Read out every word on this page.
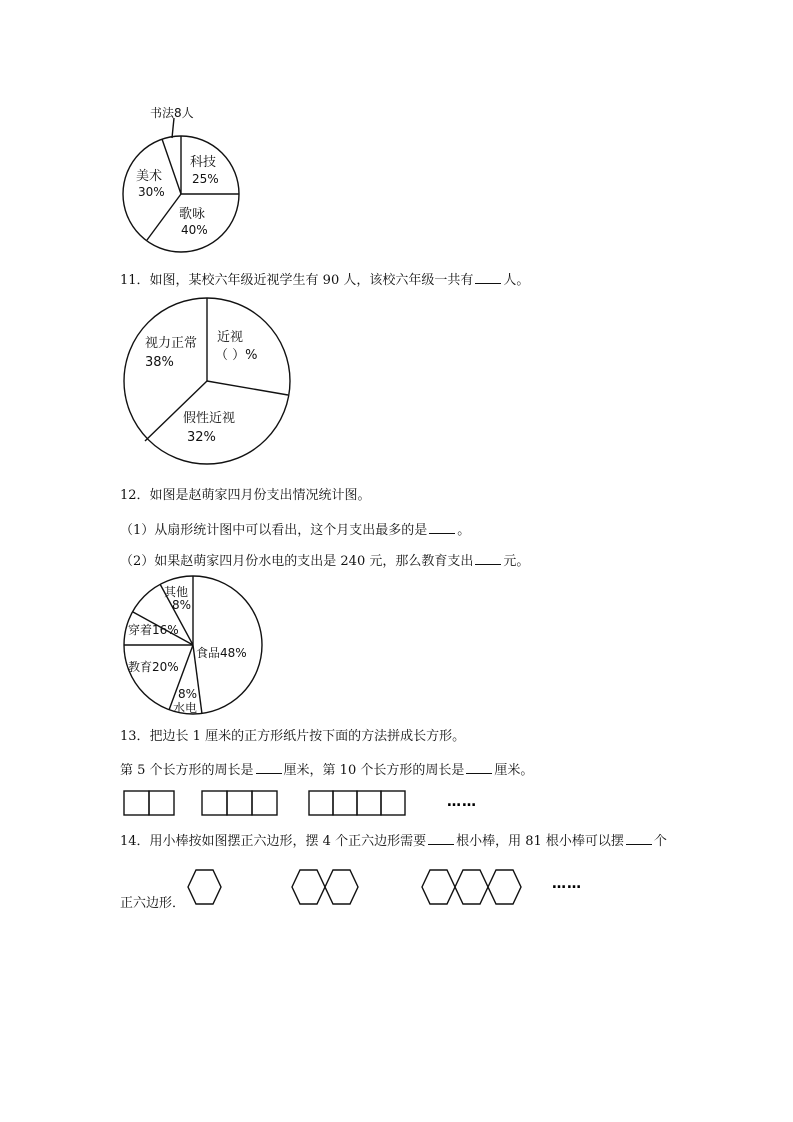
书法8人
科技
25%
歌咏
40%
美术
30%
11．如图，某校六年级近视学生有 90 人，该校六年级一共有 人。
视力正常
38%
近视
（ ）%
假性近视
32%
12．如图是赵萌家四月份支出情况统计图。
（1）从扇形统计图中可以看出，这个月支出最多的是 。
（2）如果赵萌家四月份水电的支出是 240 元，那么教育支出 元。
其他
8%
穿着16%
食品48%
教育20%
8%
水电
13．把边长 1 厘米的正方形纸片按下面的方法拼成长方形。
第 5 个长方形的周长是 厘米，第 10 个长方形的周长是 厘米。
……
14．用小棒按如图摆正六边形，摆 4 个正六边形需要 根小棒，用 81 根小棒可以摆 个
……
正六边形．
